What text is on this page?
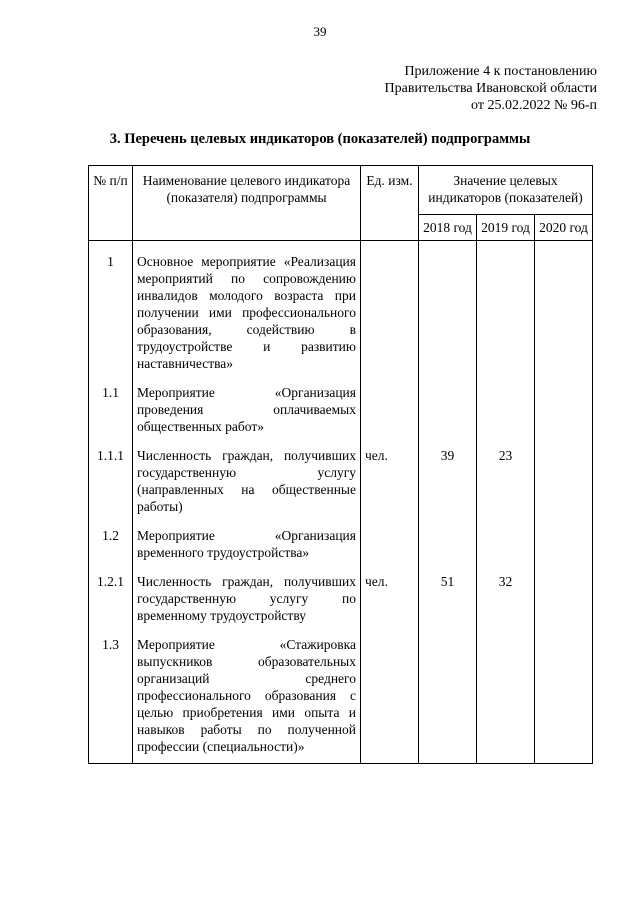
39
Приложение 4 к постановлению
Правительства Ивановской области
от 25.02.2022 № 96-п
3. Перечень целевых индикаторов (показателей) подпрограммы
№ п/п	Наименование целевого индикатора (показателя) подпрограммы	Ед. изм.	Значение целевых индикаторов (показателей)		
			2018 год	2019 год	2020 год
1	Основное мероприятие «Реализация мероприятий по сопровождению инвалидов молодого возраста при получении ими профессионального образования, содействию в трудоустройстве и развитию наставничества»				
1.1	Мероприятие «Организация проведения оплачиваемых общественных работ»				
1.1.1	Численность граждан, получивших государственную услугу (направленных на общественные работы)	чел.	39	23	
1.2	Мероприятие «Организация временного трудоустройства»				
1.2.1	Численность граждан, получивших государственную услугу по временному трудоустройству	чел.	51	32	
1.3	Мероприятие «Стажировка выпускников образовательных организаций среднего профессионального образования с целью приобретения ими опыта и навыков работы по полученной профессии (специальности)»				
